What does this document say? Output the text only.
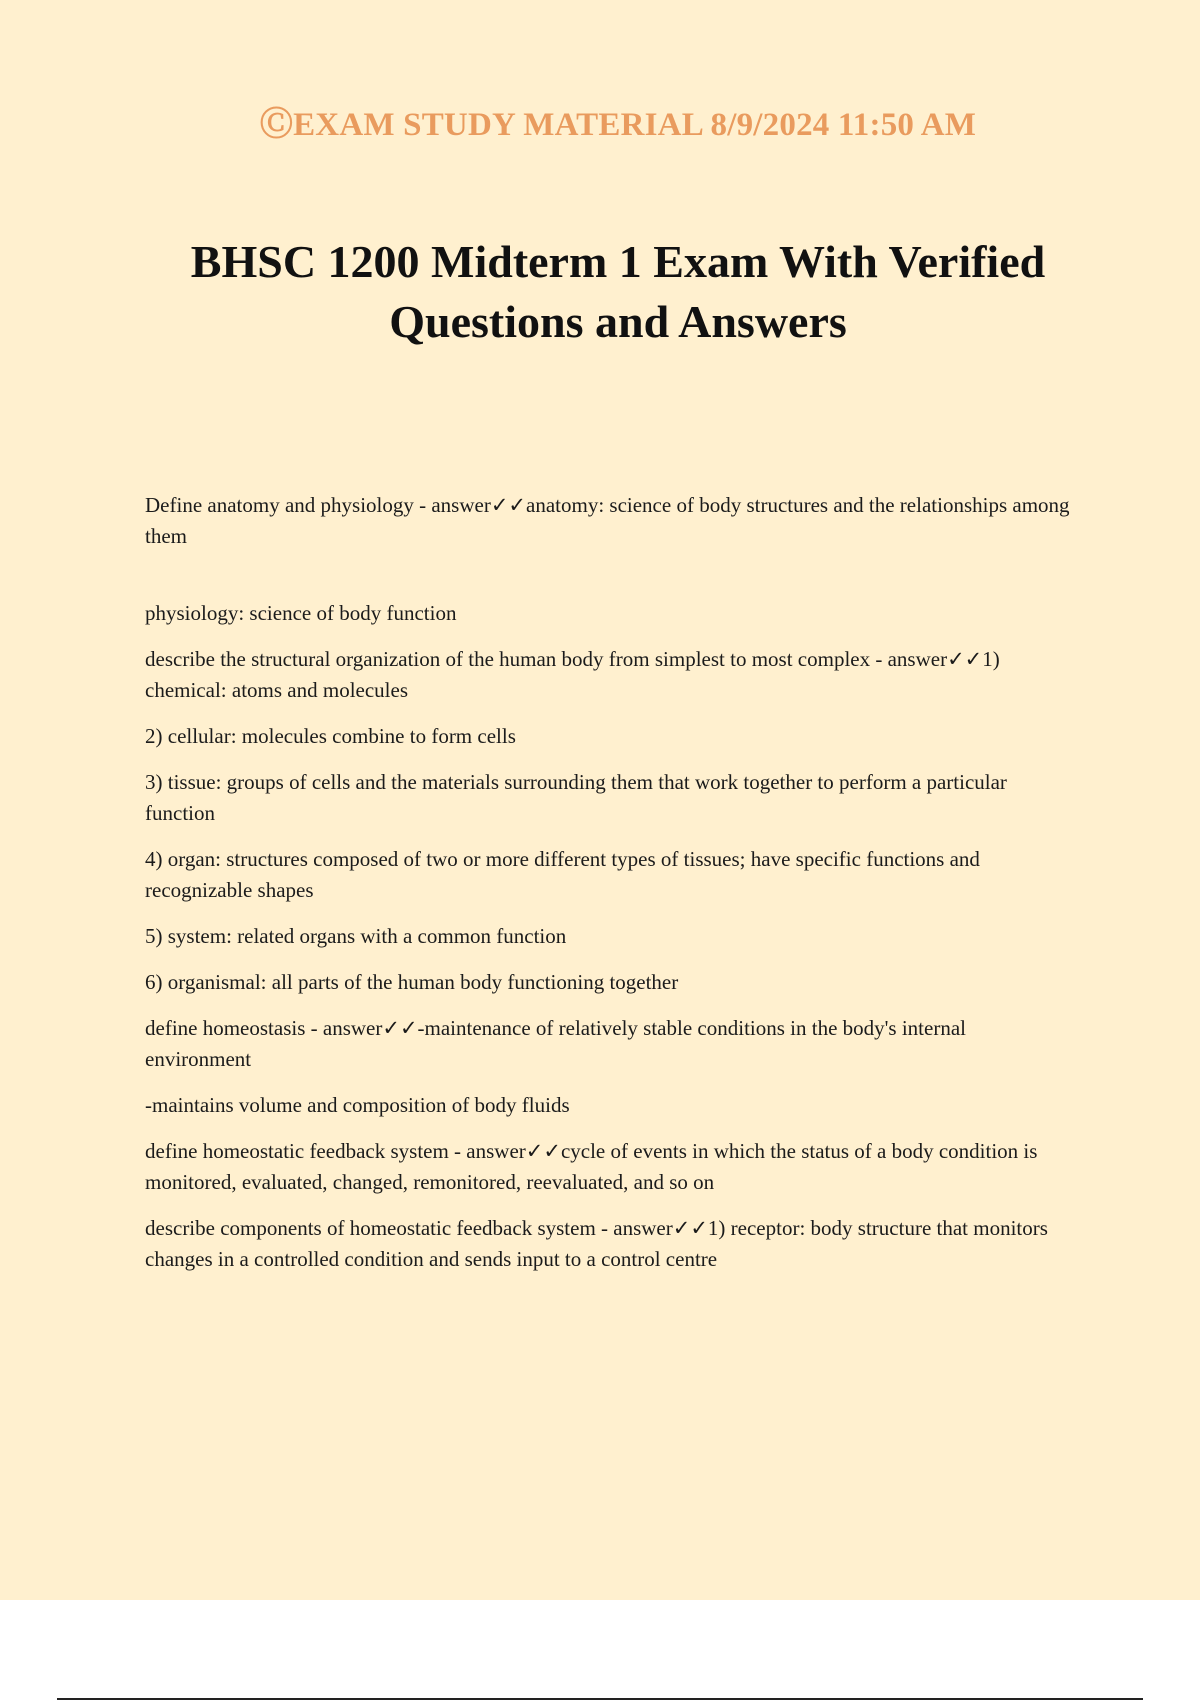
ⒸEXAM STUDY MATERIAL 8/9/2024 11:50 AM
BHSC 1200 Midterm 1 Exam With Verified
Questions and Answers

Define anatomy and physiology - answer✓✓anatomy: science of body structures and the relationships among them

physiology: science of body function

describe the structural organization of the human body from simplest to most complex - answer✓✓1) chemical: atoms and molecules

2) cellular: molecules combine to form cells

3) tissue: groups of cells and the materials surrounding them that work together to perform a particular function

4) organ: structures composed of two or more different types of tissues; have specific functions and recognizable shapes

5) system: related organs with a common function

6) organismal: all parts of the human body functioning together

define homeostasis - answer✓✓-maintenance of relatively stable conditions in the body's internal environment

-maintains volume and composition of body fluids

define homeostatic feedback system - answer✓✓cycle of events in which the status of a body condition is monitored, evaluated, changed, remonitored, reevaluated, and so on

describe components of homeostatic feedback system - answer✓✓1) receptor: body structure that monitors changes in a controlled condition and sends input to a control centre
